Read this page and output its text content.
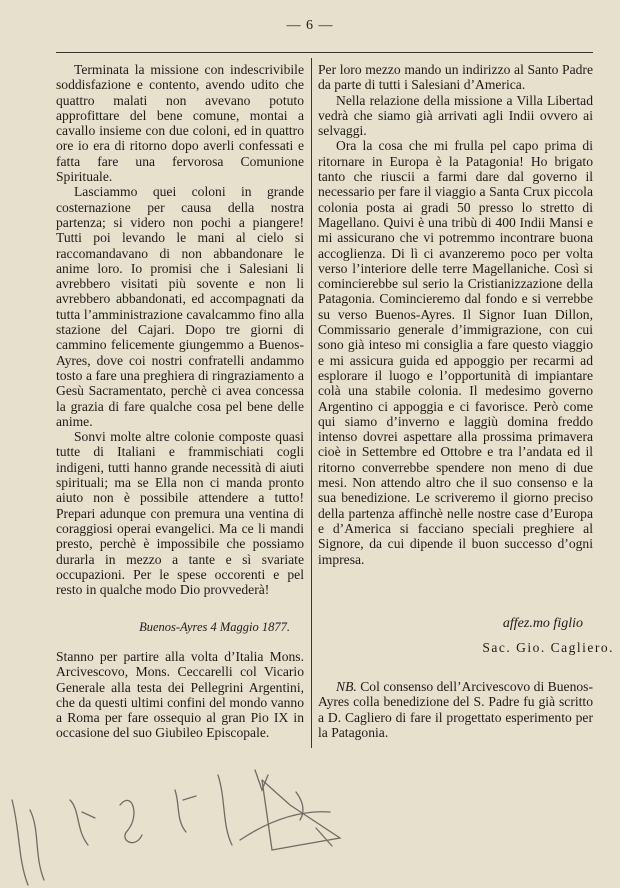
— 6 —

Terminata la missione con indescrivibile soddisfazione e contento, avendo udito che quattro malati non avevano potuto approfittare del bene comune, montai a cavallo insieme con due coloni, ed in quattro ore io era di ritorno dopo averli confessati e fatta fare una fervorosa Comunione Spirituale.

Lasciammo quei coloni in grande costernazione per causa della nostra partenza; si videro non pochi a piangere! Tutti poi levando le mani al cielo si raccomandavano di non abbandonare le anime loro. Io promisi che i Salesiani li avrebbero visitati più sovente e non li avrebbero abbandonati, ed accompagnati da tutta l’amministrazione cavalcammo fino alla stazione del Cajari. Dopo tre giorni di cammino felicemente giungemmo a Buenos-Ayres, dove coi nostri confratelli andammo tosto a fare una preghiera di ringraziamento a Gesù Sacramentato, perchè ci avea concessa la grazia di fare qualche cosa pel bene delle anime.

Sonvi molte altre colonie composte quasi tutte di Italiani e frammischiati cogli indigeni, tutti hanno grande necessità di aiuti spirituali; ma se Ella non ci manda pronto aiuto non è possibile attendere a tutto! Prepari adunque con premura una ventina di coraggiosi operai evangelici. Ma ce li mandi presto, perchè è impossibile che possiamo durarla in mezzo a tante e sì svariate occupazioni. Per le spese occorenti e pel resto in qualche modo Dio provvederà!

Buenos-Ayres 4 Maggio 1877.

Stanno per partire alla volta d’Italia Mons. Arcivescovo, Mons. Ceccarelli col Vicario Generale alla testa dei Pellegrini Argentini, che da questi ultimi confini del mondo vanno a Roma per fare ossequio al gran Pio IX in occasione del suo Giubileo Episcopale.

Per loro mezzo mando un indirizzo al Santo Padre da parte di tutti i Salesiani d’America.

Nella relazione della missione a Villa Libertad vedrà che siamo già arrivati agli Indii ovvero ai selvaggi.

Ora la cosa che mi frulla pel capo prima di ritornare in Europa è la Patagonia! Ho brigato tanto che riuscii a farmi dare dal governo il necessario per fare il viaggio a Santa Crux piccola colonia posta ai gradi 50 presso lo stretto di Magellano. Quivi è una tribù di 400 Indii Mansi e mi assicurano che vi potremmo incontrare buona accoglienza. Di lì ci avanzeremo poco per volta verso l’interiore delle terre Magellaniche. Così si comincierebbe sul serio la Cristianizzazione della Patagonia. Comincieremo dal fondo e si verrebbe su verso Buenos-Ayres. Il Signor Iuan Dillon, Commissario generale d’immigrazione, con cui sono già inteso mi consiglia a fare questo viaggio e mi assicura guida ed appoggio per recarmi ad esplorare il luogo e l’opportunità di impiantare colà una stabile colonia. Il medesimo governo Argentino ci appoggia e ci favorisce. Però come qui siamo d’inverno e laggiù domina freddo intenso dovrei aspettare alla prossima primavera cioè in Settembre ed Ottobre e tra l’andata ed il ritorno converrebbe spendere non meno di due mesi. Non attendo altro che il suo consenso e la sua benedizione. Le scriveremo il giorno preciso della partenza affinchè nelle nostre case d’Europa e d’America si facciano speciali preghiere al Signore, da cui dipende il buon successo d’ogni impresa.

affez.mo figlio
Sac. Gio. Cagliero.

NB. Col consenso dell’Arcivescovo di Buenos-Ayres colla benedizione del S. Padre fu già scritto a D. Cagliero di fare il progettato esperimento per la Patagonia.
